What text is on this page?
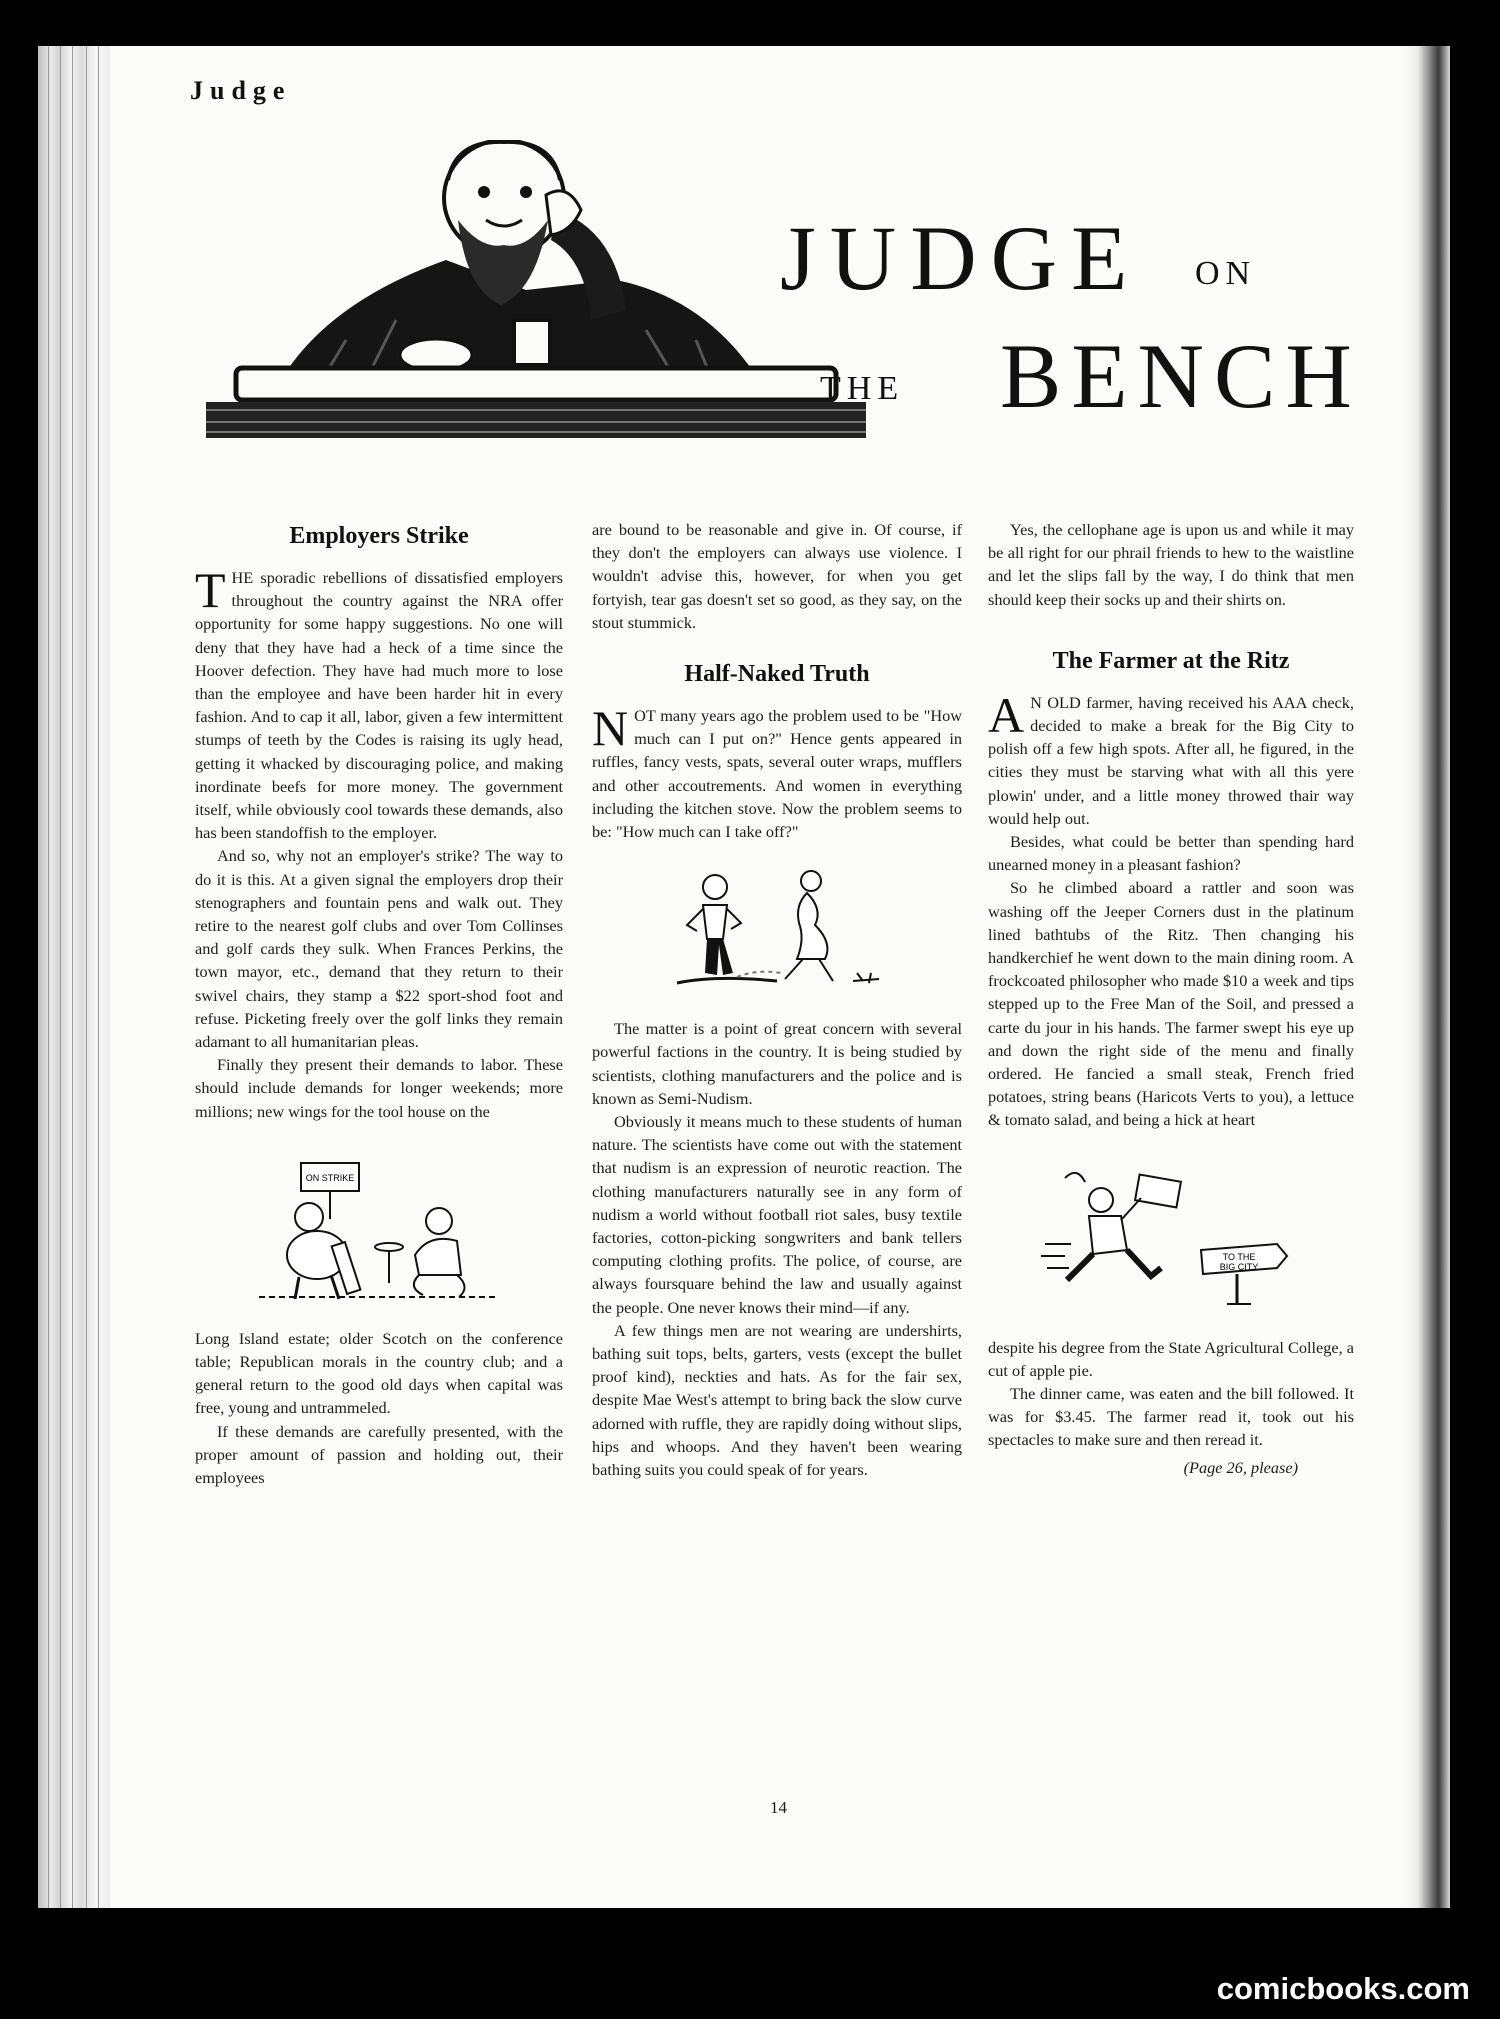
Judge
JUDGE ON
THE BENCH
Employers Strike

THE sporadic rebellions of dissatisfied employers throughout the country against the NRA offer opportunity for some happy suggestions. No one will deny that they have had a heck of a time since the Hoover defection. They have had much more to lose than the employee and have been harder hit in every fashion. And to cap it all, labor, given a few intermittent stumps of teeth by the Codes is raising its ugly head, getting it whacked by discouraging police, and making inordinate beefs for more money. The government itself, while obviously cool towards these demands, also has been standoffish to the employer.

And so, why not an employer's strike? The way to do it is this. At a given signal the employers drop their stenographers and fountain pens and walk out. They retire to the nearest golf clubs and over Tom Collinses and golf cards they sulk. When Frances Perkins, the town mayor, etc., demand that they return to their swivel chairs, they stamp a $22 sport-shod foot and refuse. Picketing freely over the golf links they remain adamant to all humanitarian pleas.

Finally they present their demands to labor. These should include demands for longer weekends; more millions; new wings for the tool house on the

ON STRIKE

Long Island estate; older Scotch on the conference table; Republican morals in the country club; and a general return to the good old days when capital was free, young and untrammeled.

If these demands are carefully presented, with the proper amount of passion and holding out, their employees

are bound to be reasonable and give in. Of course, if they don't the employers can always use violence. I wouldn't advise this, however, for when you get fortyish, tear gas doesn't set so good, as they say, on the stout stummick.

Half-Naked Truth

NOT many years ago the problem used to be "How much can I put on?" Hence gents appeared in ruffles, fancy vests, spats, several outer wraps, mufflers and other accoutrements. And women in everything including the kitchen stove. Now the problem seems to be: "How much can I take off?"

The matter is a point of great concern with several powerful factions in the country. It is being studied by scientists, clothing manufacturers and the police and is known as Semi-Nudism.

Obviously it means much to these students of human nature. The scientists have come out with the statement that nudism is an expression of neurotic reaction. The clothing manufacturers naturally see in any form of nudism a world without football riot sales, busy textile factories, cotton-picking songwriters and bank tellers computing clothing profits. The police, of course, are always foursquare behind the law and usually against the people. One never knows their mind—if any.

A few things men are not wearing are undershirts, bathing suit tops, belts, garters, vests (except the bullet proof kind), neckties and hats. As for the fair sex, despite Mae West's attempt to bring back the slow curve adorned with ruffle, they are rapidly doing without slips, hips and whoops. And they haven't been wearing bathing suits you could speak of for years.

Yes, the cellophane age is upon us and while it may be all right for our phrail friends to hew to the waistline and let the slips fall by the way, I do think that men should keep their socks up and their shirts on.

The Farmer at the Ritz

A N OLD farmer, having received his AAA check, decided to make a break for the Big City to polish off a few high spots. After all, he figured, in the cities they must be starving what with all this yere plowin' under, and a little money throwed thair way would help out.

Besides, what could be better than spending hard unearned money in a pleasant fashion?

So he climbed aboard a rattler and soon was washing off the Jeeper Corners dust in the platinum lined bathtubs of the Ritz. Then changing his handkerchief he went down to the main dining room. A frockcoated philosopher who made $10 a week and tips stepped up to the Free Man of the Soil, and pressed a carte du jour in his hands. The farmer swept his eye up and down the right side of the menu and finally ordered. He fancied a small steak, French fried potatoes, string beans (Haricots Verts to you), a lettuce & tomato salad, and being a hick at heart

TO THE
BIG CITY

despite his degree from the State Agricultural College, a cut of apple pie.

The dinner came, was eaten and the bill followed. It was for $3.45. The farmer read it, took out his spectacles to make sure and then reread it.

(Page 26, please)
14
comicbooks.com
